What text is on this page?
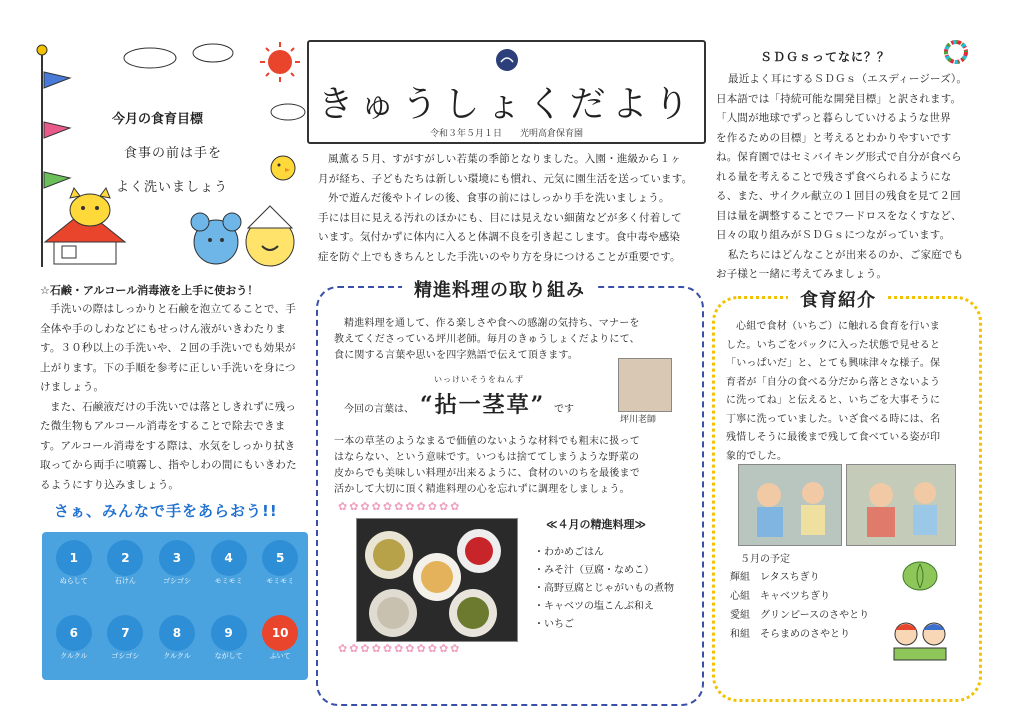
今月の食育目標
食事の前は手を
よく洗いましょう
きゅうしょくだより
令和３年５月１日　　光明高倉保育園
風薫る５月、すがすがしい若葉の季節となりました。入園・進級から１ヶ
月が経ち、子どもたちは新しい環境にも慣れ、元気に園生活を送っています。
外で遊んだ後やトイレの後、食事の前にはしっかり手を洗いましょう。
手には目に見える汚れのほかにも、目には見えない細菌などが多く付着して
います。気付かずに体内に入ると体調不良を引き起こします。食中毒や感染
症を防ぐ上でもきちんとした手洗いのやり方を身につけることが重要です。
ＳＤＧｓってなに？？
最近よく耳にするＳＤＧｓ（エスディージーズ）。
日本語では「持続可能な開発目標」と訳されます。
「人間が地球でずっと暮らしていけるような世界
を作るための目標」と考えるとわかりやすいです
ね。保育園ではセミバイキング形式で自分が食べら
れる量を考えることで残さず食べられるようにな
る、また、サイクル献立の１回目の残食を見て２回
目は量を調整することでフードロスをなくすなど、
日々の取り組みがＳＤＧｓにつながっています。
私たちにはどんなことが出来るのか、ご家庭でも
お子様と一緒に考えてみましょう。
☆石鹸・アルコール消毒液を上手に使おう！
手洗いの際はしっかりと石鹸を泡立てることで、手
全体や手のしわなどにもせっけん液がいきわたりま
す。３０秒以上の手洗いや、２回の手洗いでも効果が
上がります。下の手順を参考に正しい手洗いを身につ
けましょう。
また、石鹸液だけの手洗いでは落としきれずに残っ
た微生物もアルコール消毒をすることで除去できま
す。アルコール消毒をする際は、水気をしっかり拭き
取ってから両手に噴霧し、指やしわの間にもいきわた
るようにすり込みましょう。
さぁ、みんなで手をあらおう!!
1
ぬらして
2
石けん
3
ゴシゴシ
4
モミモミ
5
モミモミ
6
クルクル
7
ゴシゴシ
8
クルクル
9
ながして
10
ふいて
精進料理の取り組み
精進料理を通して、作る楽しさや食への感謝の気持ち、マナーを
教えてくださっている坪川老師。毎月のきゅうしょくだよりにて、
食に関する言葉や思いを四字熟語で伝えて頂きます。
いっけいそうをねんず
今回の言葉は、 “拈一茎草” です
坪川老師
一本の草茎のようなまるで価値のないような材料でも粗末に扱って
はならない、という意味です。いつもは捨ててしまうような野菜の
皮からでも美味しい料理が出来るように、食材のいのちを最後まで
活かして大切に頂く精進料理の心を忘れずに調理をしましょう。
✿✿✿✿✿✿✿✿✿✿✿
✿✿✿✿✿✿✿✿✿✿✿
≪４月の精進料理≫
・わかめごはん
・みそ汁（豆腐・なめこ）
・高野豆腐とじゃがいもの煮物
・キャベツの塩こんぶ和え
・いちご
食育紹介
心組で食材（いちご）に触れる食育を行いま
した。いちごをパックに入った状態で見せると
「いっぱいだ」と、とても興味津々な様子。保
育者が「自分の食べる分だから落とさないよう
に洗ってね」と伝えると、いちごを大事そうに
丁寧に洗っていました。いざ食べる時には、名
残惜しそうに最後まで残して食べている姿が印
象的でした。
５月の予定
輝組 レタスちぎり
心組 キャベツちぎり
愛組 グリンピースのさやとり
和組 そらまめのさやとり
